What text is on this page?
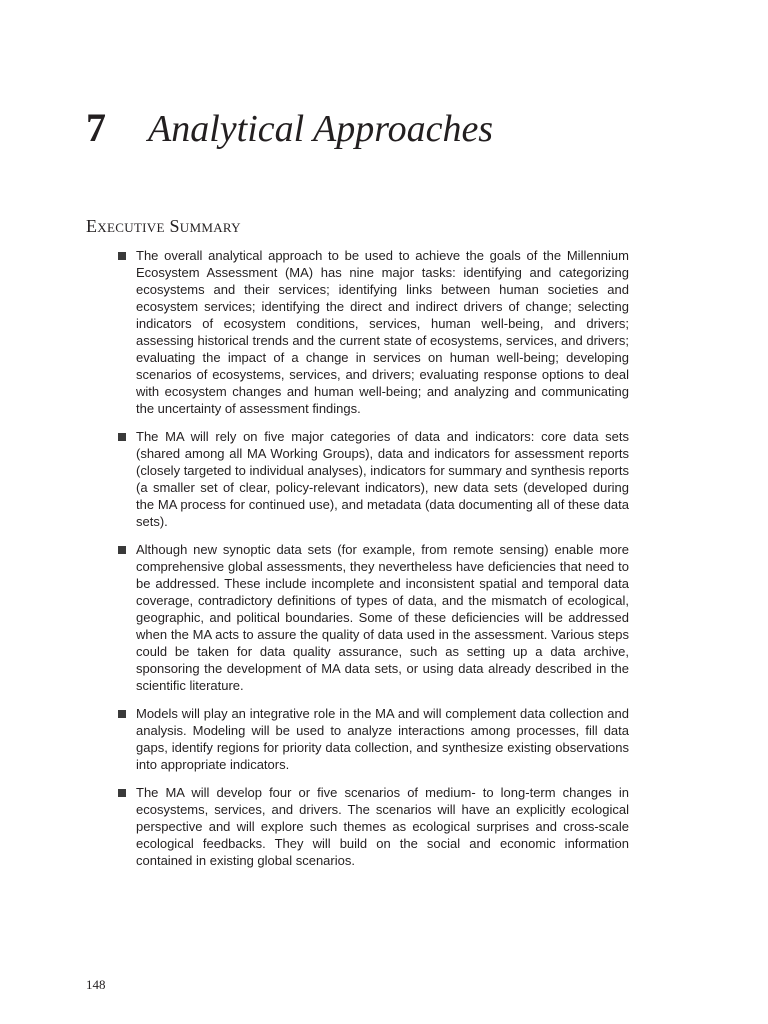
7 Analytical Approaches
Executive Summary
The overall analytical approach to be used to achieve the goals of the Millennium Ecosystem Assessment (MA) has nine major tasks: identifying and categorizing ecosystems and their services; identifying links between human societies and ecosystem services; identifying the direct and indirect drivers of change; selecting indicators of ecosystem conditions, services, human well-being, and drivers; assessing historical trends and the current state of ecosystems, services, and drivers; evaluating the impact of a change in services on human well-being; developing scenarios of ecosystems, services, and drivers; evaluating response options to deal with ecosystem changes and human well-being; and analyzing and communicating the uncertainty of assessment findings.
The MA will rely on five major categories of data and indicators: core data sets (shared among all MA Working Groups), data and indicators for assessment reports (closely targeted to individual analyses), indicators for summary and synthesis reports (a smaller set of clear, policy-relevant indicators), new data sets (developed during the MA process for continued use), and metadata (data documenting all of these data sets).
Although new synoptic data sets (for example, from remote sensing) enable more comprehensive global assessments, they nevertheless have deficiencies that need to be addressed. These include incomplete and inconsistent spatial and temporal data coverage, contradictory definitions of types of data, and the mismatch of ecological, geographic, and political boundaries. Some of these deficiencies will be addressed when the MA acts to assure the quality of data used in the assessment. Various steps could be taken for data quality assurance, such as setting up a data archive, sponsoring the development of MA data sets, or using data already described in the scientific literature.
Models will play an integrative role in the MA and will complement data collection and analysis. Modeling will be used to analyze interactions among processes, fill data gaps, identify regions for priority data collection, and synthesize existing observations into appropriate indicators.
The MA will develop four or five scenarios of medium- to long-term changes in ecosystems, services, and drivers. The scenarios will have an explicitly ecological perspective and will explore such themes as ecological surprises and cross-scale ecological feedbacks. They will build on the social and economic information contained in existing global scenarios.

148
